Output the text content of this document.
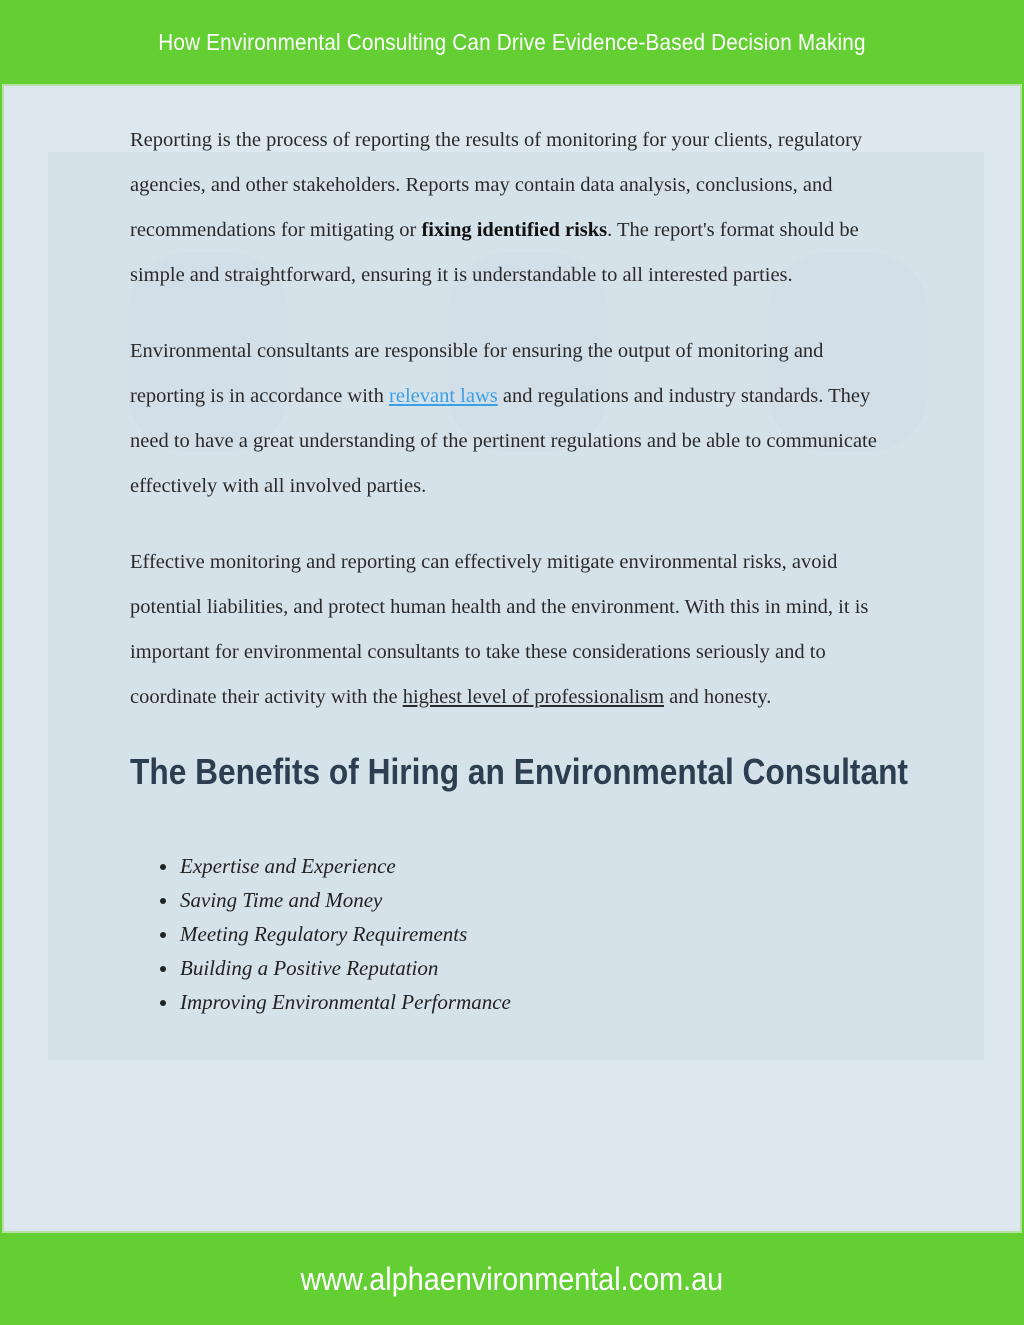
How Environmental Consulting Can Drive Evidence-Based Decision Making

Reporting is the process of reporting the results of monitoring for your clients, regulatory agencies, and other stakeholders. Reports may contain data analysis, conclusions, and recommendations for mitigating or fixing identified risks. The report's format should be simple and straightforward, ensuring it is understandable to all interested parties.

Environmental consultants are responsible for ensuring the output of monitoring and reporting is in accordance with relevant laws and regulations and industry standards. They need to have a great understanding of the pertinent regulations and be able to communicate effectively with all involved parties.

Effective monitoring and reporting can effectively mitigate environmental risks, avoid potential liabilities, and protect human health and the environment. With this in mind, it is important for environmental consultants to take these considerations seriously and to coordinate their activity with the highest level of professionalism and honesty.

The Benefits of Hiring an Environmental Consultant
Expertise and Experience
Saving Time and Money
Meeting Regulatory Requirements
Building a Positive Reputation
Improving Environmental Performance
www.alphaenvironmental.com.au
